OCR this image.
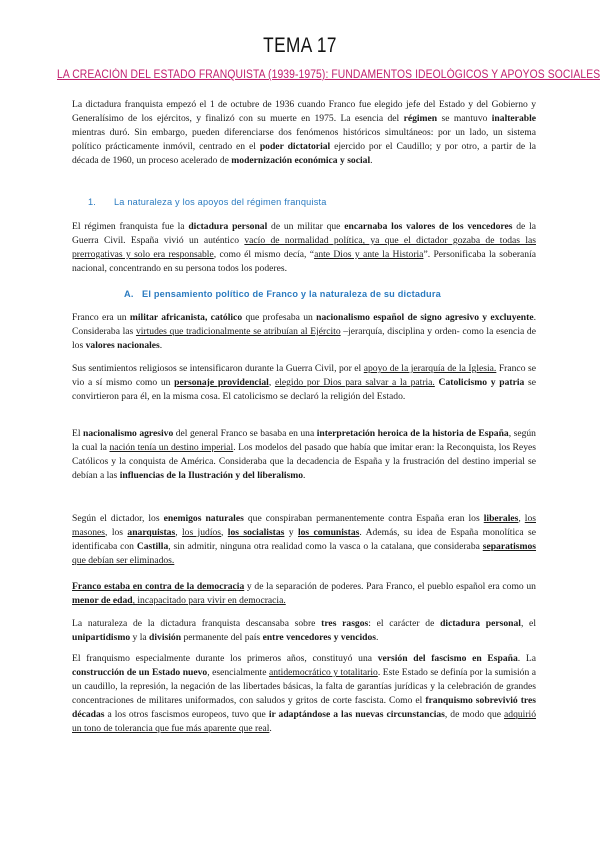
TEMA 17
LA CREACIÓN DEL ESTADO FRANQUISTA (1939-1975): FUNDAMENTOS IDEOLÓGICOS Y APOYOS SOCIALES

La dictadura franquista empezó el 1 de octubre de 1936 cuando Franco fue elegido jefe del Estado y del Gobierno y Generalísimo de los ejércitos, y finalizó con su muerte en 1975. La esencia del régimen se mantuvo inalterable mientras duró. Sin embargo, pueden diferenciarse dos fenómenos históricos simultáneos: por un lado, un sistema político prácticamente inmóvil, centrado en el poder dictatorial ejercido por el Caudillo; y por otro, a partir de la década de 1960, un proceso acelerado de modernización económica y social.

1. La naturaleza y los apoyos del régimen franquista

El régimen franquista fue la dictadura personal de un militar que encarnaba los valores de los vencedores de la Guerra Civil. España vivió un auténtico vacío de normalidad política, ya que el dictador gozaba de todas las prerrogativas y solo era responsable, como él mismo decía, “ante Dios y ante la Historia”. Personificaba la soberanía nacional, concentrando en su persona todos los poderes.

A. El pensamiento político de Franco y la naturaleza de su dictadura

Franco era un militar africanista, católico que profesaba un nacionalismo español de signo agresivo y excluyente. Consideraba las virtudes que tradicionalmente se atribuían al Ejército –jerarquía, disciplina y orden- como la esencia de los valores nacionales.

Sus sentimientos religiosos se intensificaron durante la Guerra Civil, por el apoyo de la jerarquía de la Iglesia. Franco se vio a sí mismo como un personaje providencial, elegido por Dios para salvar a la patria. Catolicismo y patria se convirtieron para él, en la misma cosa. El catolicismo se declaró la religión del Estado.

El nacionalismo agresivo del general Franco se basaba en una interpretación heroica de la historia de España, según la cual la nación tenía un destino imperial. Los modelos del pasado que había que imitar eran: la Reconquista, los Reyes Católicos y la conquista de América. Consideraba que la decadencia de España y la frustración del destino imperial se debían a las influencias de la Ilustración y del liberalismo.

Según el dictador, los enemigos naturales que conspiraban permanentemente contra España eran los liberales, los masones, los anarquistas, los judíos, los socialistas y los comunistas. Además, su idea de España monolítica se identificaba con Castilla, sin admitir, ninguna otra realidad como la vasca o la catalana, que consideraba separatismos que debían ser eliminados.

Franco estaba en contra de la democracia y de la separación de poderes. Para Franco, el pueblo español era como un menor de edad, incapacitado para vivir en democracia.

La naturaleza de la dictadura franquista descansaba sobre tres rasgos: el carácter de dictadura personal, el unipartidismo y la división permanente del país entre vencedores y vencidos.

El franquismo especialmente durante los primeros años, constituyó una versión del fascismo en España. La construcción de un Estado nuevo, esencialmente antidemocrático y totalitario. Este Estado se definía por la sumisión a un caudillo, la represión, la negación de las libertades básicas, la falta de garantías jurídicas y la celebración de grandes concentraciones de militares uniformados, con saludos y gritos de corte fascista. Como el franquismo sobrevivió tres décadas a los otros fascismos europeos, tuvo que ir adaptándose a las nuevas circunstancias, de modo que adquirió un tono de tolerancia que fue más aparente que real.
